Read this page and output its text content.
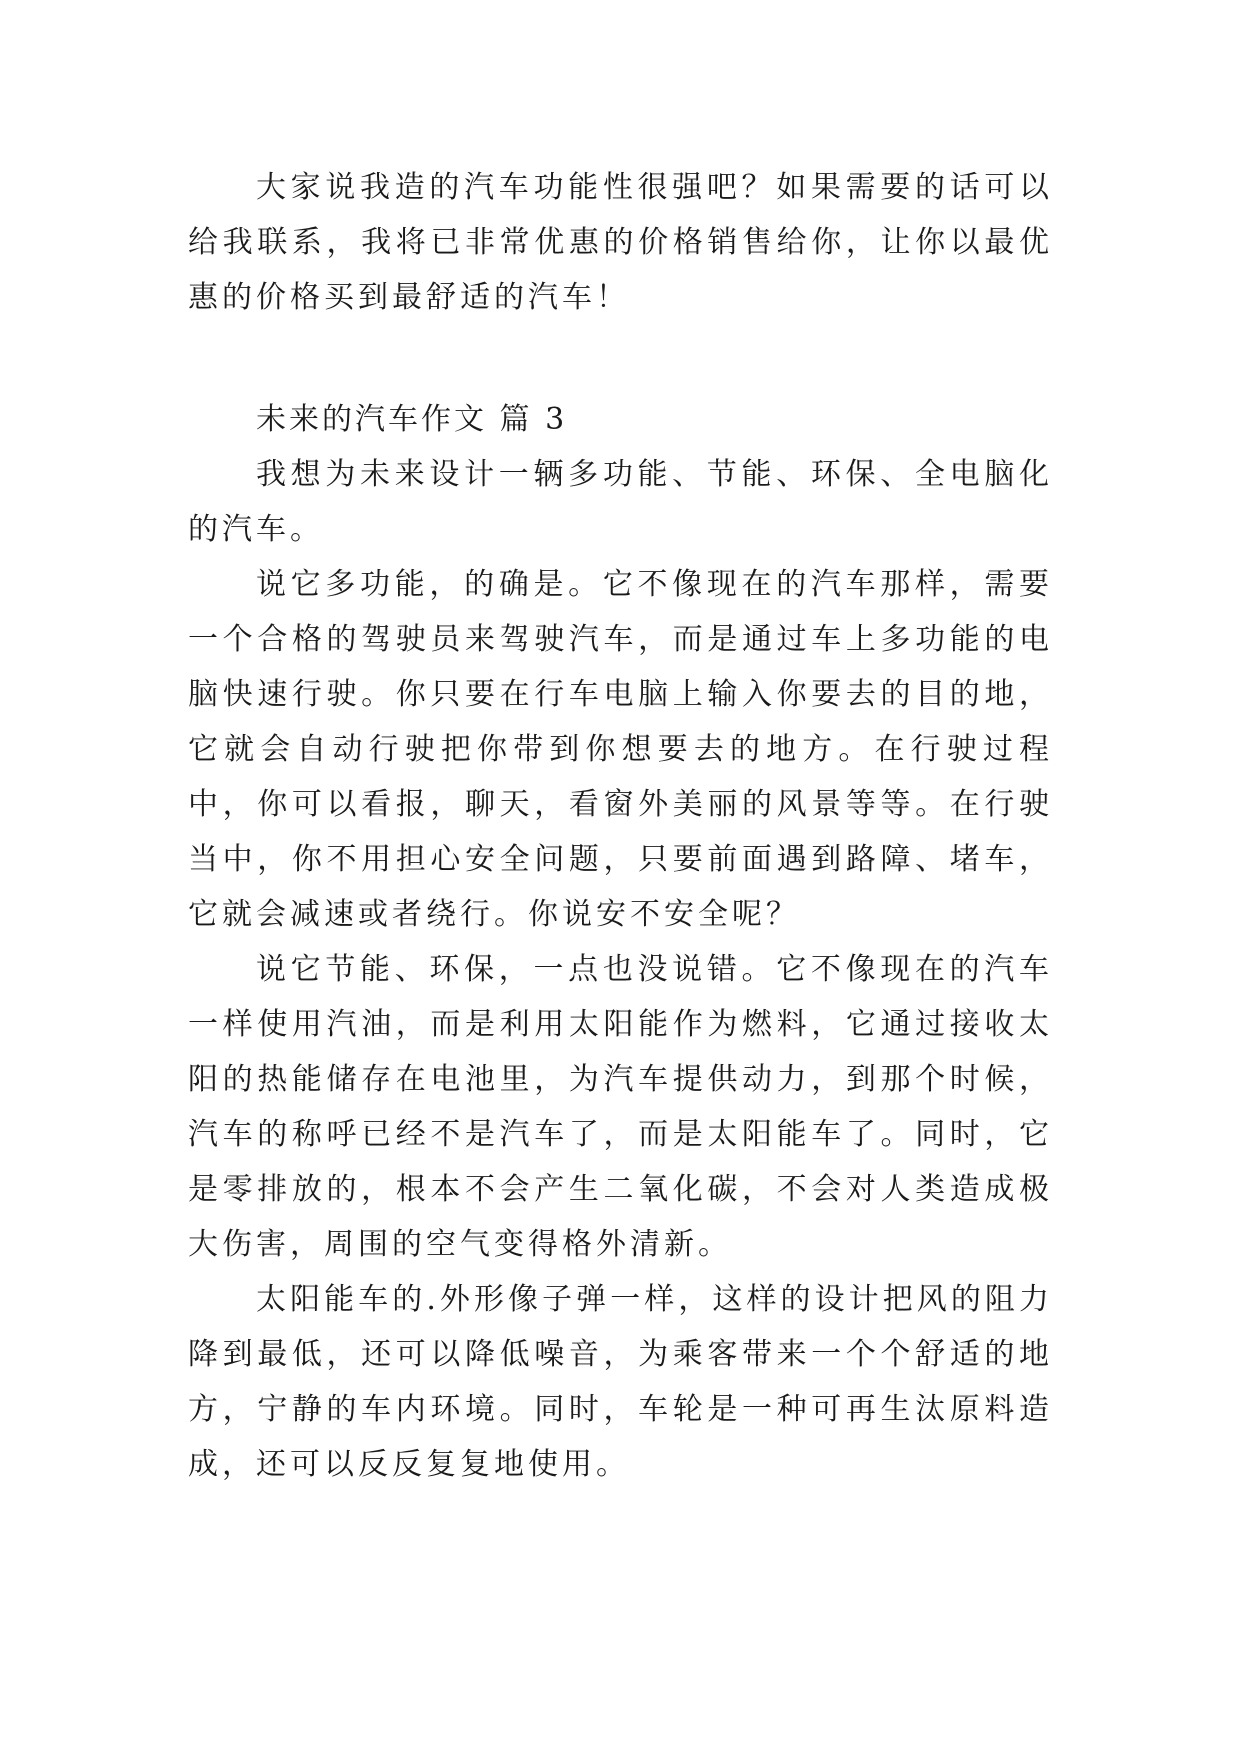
大家说我造的汽车功能性很强吧？如果需要的话可以给我联系，我将已非常优惠的价格销售给你，让你以最优惠的价格买到最舒适的汽车！

未来的汽车作文 篇 3

我想为未来设计一辆多功能、节能、环保、全电脑化的汽车。

说它多功能，的确是。它不像现在的汽车那样，需要一个合格的驾驶员来驾驶汽车，而是通过车上多功能的电脑快速行驶。你只要在行车电脑上输入你要去的目的地，它就会自动行驶把你带到你想要去的地方。在行驶过程中，你可以看报，聊天，看窗外美丽的风景等等。在行驶当中，你不用担心安全问题，只要前面遇到路障、堵车，它就会减速或者绕行。你说安不安全呢？

说它节能、环保，一点也没说错。它不像现在的汽车一样使用汽油，而是利用太阳能作为燃料，它通过接收太阳的热能储存在电池里，为汽车提供动力，到那个时候，汽车的称呼已经不是汽车了，而是太阳能车了。同时，它是零排放的，根本不会产生二氧化碳，不会对人类造成极大伤害，周围的空气变得格外清新。

太阳能车的.外形像子弹一样，这样的设计把风的阻力降到最低，还可以降低噪音，为乘客带来一个个舒适的地方，宁静的车内环境。同时，车轮是一种可再生汰原料造成，还可以反反复复地使用。
